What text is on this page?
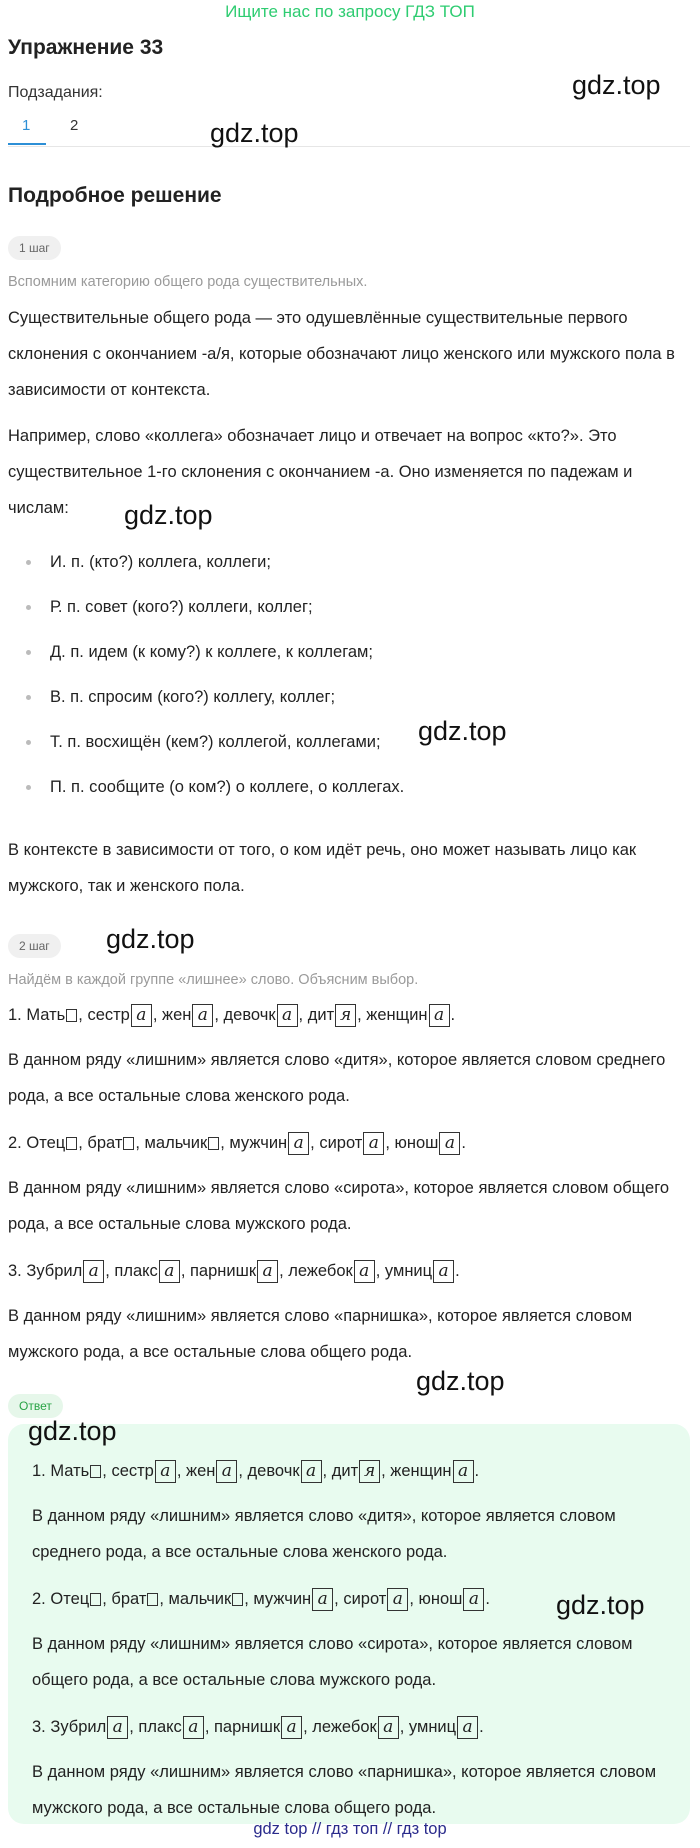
Ищите нас по запросу ГДЗ ТОП
Упражнение 33
Подзадания:
1	2
Подробное решение
1 шаг
Вспомним категорию общего рода существительных.

Существительные общего рода — это одушевлённые существительные первого склонения с окончанием -а/я, которые обозначают лицо женского или мужского пола в зависимости от контекста.

Например, слово «коллега» обозначает лицо и отвечает на вопрос «кто?». Это существительное 1-го склонения с окончанием -а. Оно изменяется по падежам и числам:

И. п. (кто?) коллега, коллеги;
Р. п. совет (кого?) коллеги, коллег;
Д. п. идем (к кому?) к коллеге, к коллегам;
В. п. спросим (кого?) коллегу, коллег;
Т. п. восхищён (кем?) коллегой, коллегами;
П. п. сообщите (о ком?) о коллеге, о коллегах.

В контексте в зависимости от того, о ком идёт речь, оно может называть лицо как мужского, так и женского пола.

2 шаг
Найдём в каждой группе «лишнее» слово. Объясним выбор.
1. Мать , сестр а , жен а , девочк а , дит я , женщин а .

В данном ряду «лишним» является слово «дитя», которое является словом среднего рода, а все остальные слова женского рода.

2. Отец , брат , мальчик , мужчин а , сирот а , юнош а .

В данном ряду «лишним» является слово «сирота», которое является словом общего рода, а все остальные слова мужского рода.

3. Зубрил а , плакс а , парнишк а , лежебок а , умниц а .

В данном ряду «лишним» является слово «парнишка», которое является словом мужского рода, а все остальные слова общего рода.

Ответ
1. Мать , сестр а , жен а , девочк а , дит я , женщин а .

В данном ряду «лишним» является слово «дитя», которое является словом среднего рода, а все остальные слова женского рода.

2. Отец , брат , мальчик , мужчин а , сирот а , юнош а .

В данном ряду «лишним» является слово «сирота», которое является словом общего рода, а все остальные слова мужского рода.

3. Зубрил а , плакс а , парнишк а , лежебок а , умниц а .

В данном ряду «лишним» является слово «парнишка», которое является словом мужского рода, а все остальные слова общего рода.

gdz.top
gdz.top
gdz.top
gdz.top
gdz.top
gdz.top
gdz.top
gdz.top
gdz top // гдз топ // гдз top
